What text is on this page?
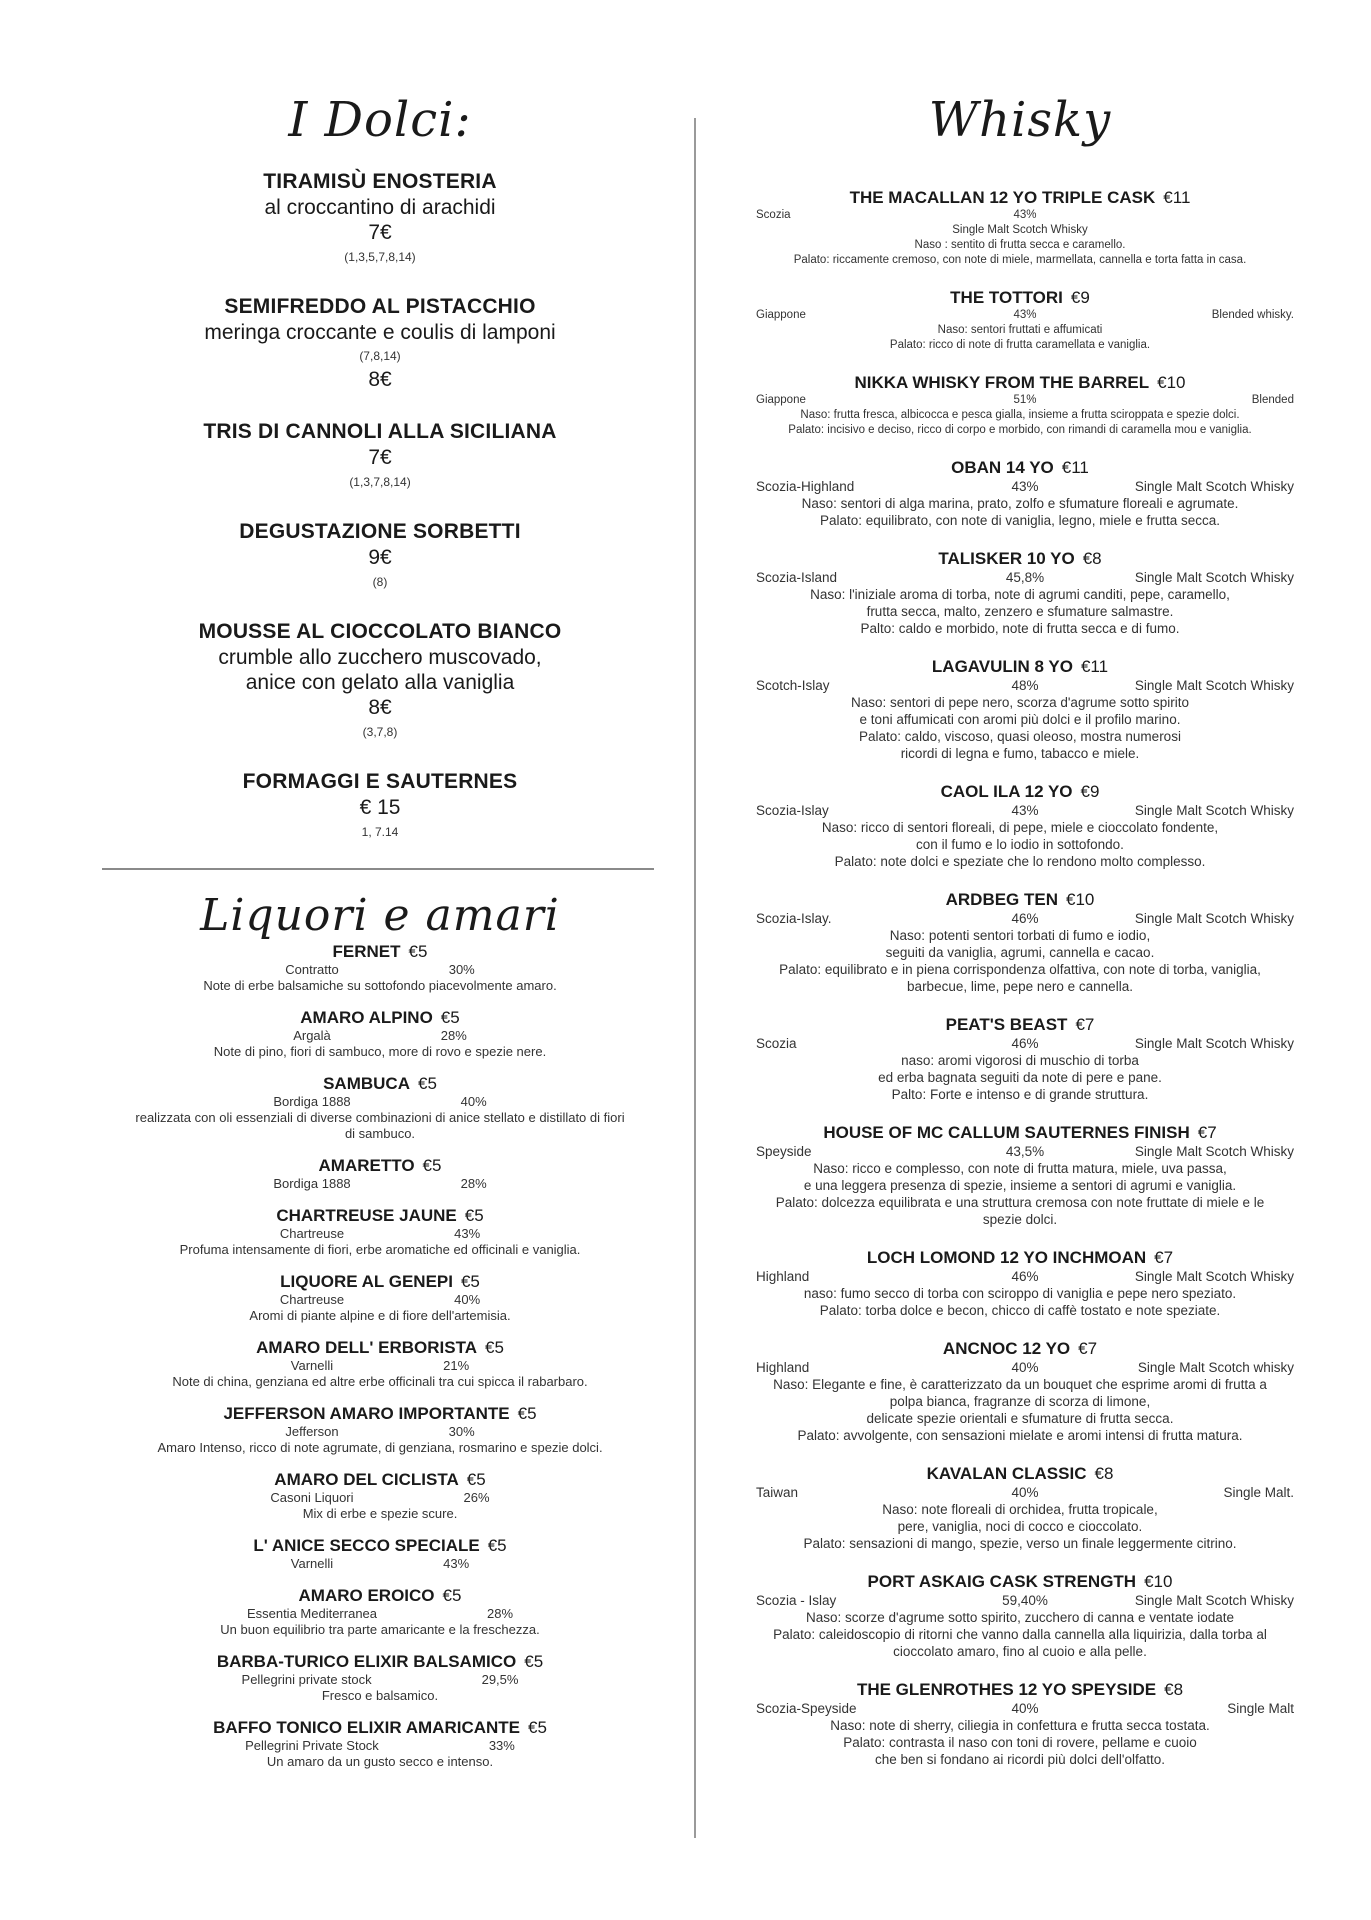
I Dolci:
TIRAMISÙ ENOSTERIA
al croccantino di arachidi
7€
(1,3,5,7,8,14)
SEMIFREDDO AL PISTACCHIO
meringa croccante e coulis di lamponi
(7,8,14)
8€
TRIS DI CANNOLI ALLA SICILIANA
7€
(1,3,7,8,14)
DEGUSTAZIONE SORBETTI
9€
(8)
MOUSSE AL CIOCCOLATO BIANCO
crumble allo zucchero muscovado,
anice con gelato alla vaniglia
8€
(3,7,8)
FORMAGGI E SAUTERNES
€ 15
1, 7.14
Liquori e amari
FERNET €5
Contratto	30%
Note di erbe balsamiche su sottofondo piacevolmente amaro.
AMARO ALPINO €5
Argalà	28%
Note di pino, fiori di sambuco, more di rovo e spezie nere.
SAMBUCA €5
Bordiga 1888	40%
realizzata con oli essenziali di diverse combinazioni di anice stellato e distillato di fiori
di sambuco.
AMARETTO €5
Bordiga 1888	28%
CHARTREUSE JAUNE €5
Chartreuse	43%
Profuma intensamente di fiori, erbe aromatiche ed officinali e vaniglia.
LIQUORE AL GENEPI €5
Chartreuse	40%
Aromi di piante alpine e di fiore dell'artemisia.
AMARO DELL' ERBORISTA €5
Varnelli	21%
Note di china, genziana ed altre erbe officinali tra cui spicca il rabarbaro.
JEFFERSON AMARO IMPORTANTE €5
Jefferson	30%
Amaro Intenso, ricco di note agrumate, di genziana, rosmarino e spezie dolci.
AMARO DEL CICLISTA €5
Casoni Liquori	26%
Mix di erbe e spezie scure.
L' ANICE SECCO SPECIALE €5
Varnelli	43%
AMARO EROICO €5
Essentia Mediterranea	28%
Un buon equilibrio tra parte amaricante e la freschezza.
BARBA-TURICO ELIXIR BALSAMICO €5
Pellegrini private stock	29,5%
Fresco e balsamico.
BAFFO TONICO ELIXIR AMARICANTE €5
Pellegrini Private Stock	33%
Un amaro da un gusto secco e intenso.
Whisky
THE MACALLAN 12 YO TRIPLE CASK €11
Scozia	43%
Single Malt Scotch Whisky
Naso : sentito di frutta secca e caramello.
Palato: riccamente cremoso, con note di miele, marmellata, cannella e torta fatta in casa.
THE TOTTORI €9
Giappone	43%	Blended whisky.
Naso: sentori fruttati e affumicati
Palato: ricco di note di frutta caramellata e vaniglia.
NIKKA WHISKY FROM THE BARREL €10
Giappone	51%	Blended
Naso: frutta fresca, albicocca e pesca gialla, insieme a frutta sciroppata e spezie dolci.
Palato: incisivo e deciso, ricco di corpo e morbido, con rimandi di caramella mou e vaniglia.
OBAN 14 YO €11
Scozia-Highland	43%	Single Malt Scotch Whisky
Naso: sentori di alga marina, prato, zolfo e sfumature floreali e agrumate.
Palato: equilibrato, con note di vaniglia, legno, miele e frutta secca.
TALISKER 10 YO €8
Scozia-Island	45,8%	Single Malt Scotch Whisky
Naso: l'iniziale aroma di torba, note di agrumi canditi, pepe, caramello,
frutta secca, malto, zenzero e sfumature salmastre.
Palto: caldo e morbido, note di frutta secca e di fumo.
LAGAVULIN 8 YO €11
Scotch-Islay	48%	Single Malt Scotch Whisky
Naso: sentori di pepe nero, scorza d'agrume sotto spirito
e toni affumicati con aromi più dolci e il profilo marino.
Palato: caldo, viscoso, quasi oleoso, mostra numerosi
ricordi di legna e fumo, tabacco e miele.
CAOL ILA 12 YO €9
Scozia-Islay	43%	Single Malt Scotch Whisky
Naso: ricco di sentori floreali, di pepe, miele e cioccolato fondente,
con il fumo e lo iodio in sottofondo.
Palato: note dolci e speziate che lo rendono molto complesso.
ARDBEG TEN €10
Scozia-Islay.	46%	Single Malt Scotch Whisky
Naso: potenti sentori torbati di fumo e iodio,
seguiti da vaniglia, agrumi, cannella e cacao.
Palato: equilibrato e in piena corrispondenza olfattiva, con note di torba, vaniglia,
barbecue, lime, pepe nero e cannella.
PEAT'S BEAST €7
Scozia	46%	Single Malt Scotch Whisky
naso: aromi vigorosi di muschio di torba
ed erba bagnata seguiti da note di pere e pane.
Palto: Forte e intenso e di grande struttura.
HOUSE OF MC CALLUM SAUTERNES FINISH €7
Speyside	43,5%	Single Malt Scotch Whisky
Naso: ricco e complesso, con note di frutta matura, miele, uva passa,
e una leggera presenza di spezie, insieme a sentori di agrumi e vaniglia.
Palato: dolcezza equilibrata e una struttura cremosa con note fruttate di miele e le
spezie dolci.
LOCH LOMOND 12 YO INCHMOAN €7
Highland	46%	Single Malt Scotch Whisky
naso: fumo secco di torba con sciroppo di vaniglia e pepe nero speziato.
Palato: torba dolce e becon, chicco di caffè tostato e note speziate.
ANCNOC 12 YO €7
Highland	40%	Single Malt Scotch whisky
Naso: Elegante e fine, è caratterizzato da un bouquet che esprime aromi di frutta a
polpa bianca, fragranze di scorza di limone,
delicate spezie orientali e sfumature di frutta secca.
Palato: avvolgente, con sensazioni mielate e aromi intensi di frutta matura.
KAVALAN CLASSIC €8
Taiwan	40%	Single Malt.
Naso: note floreali di orchidea, frutta tropicale,
pere, vaniglia, noci di cocco e cioccolato.
Palato: sensazioni di mango, spezie, verso un finale leggermente citrino.
PORT ASKAIG CASK STRENGTH €10
Scozia - Islay	59,40%	Single Malt Scotch Whisky
Naso: scorze d'agrume sotto spirito, zucchero di canna e ventate iodate
Palato: caleidoscopio di ritorni che vanno dalla cannella alla liquirizia, dalla torba al
cioccolato amaro, fino al cuoio e alla pelle.
THE GLENROTHES 12 YO SPEYSIDE €8
Scozia-Speyside	40%	Single Malt
Naso: note di sherry, ciliegia in confettura e frutta secca tostata.
Palato: contrasta il naso con toni di rovere, pellame e cuoio
che ben si fondano ai ricordi più dolci dell'olfatto.
